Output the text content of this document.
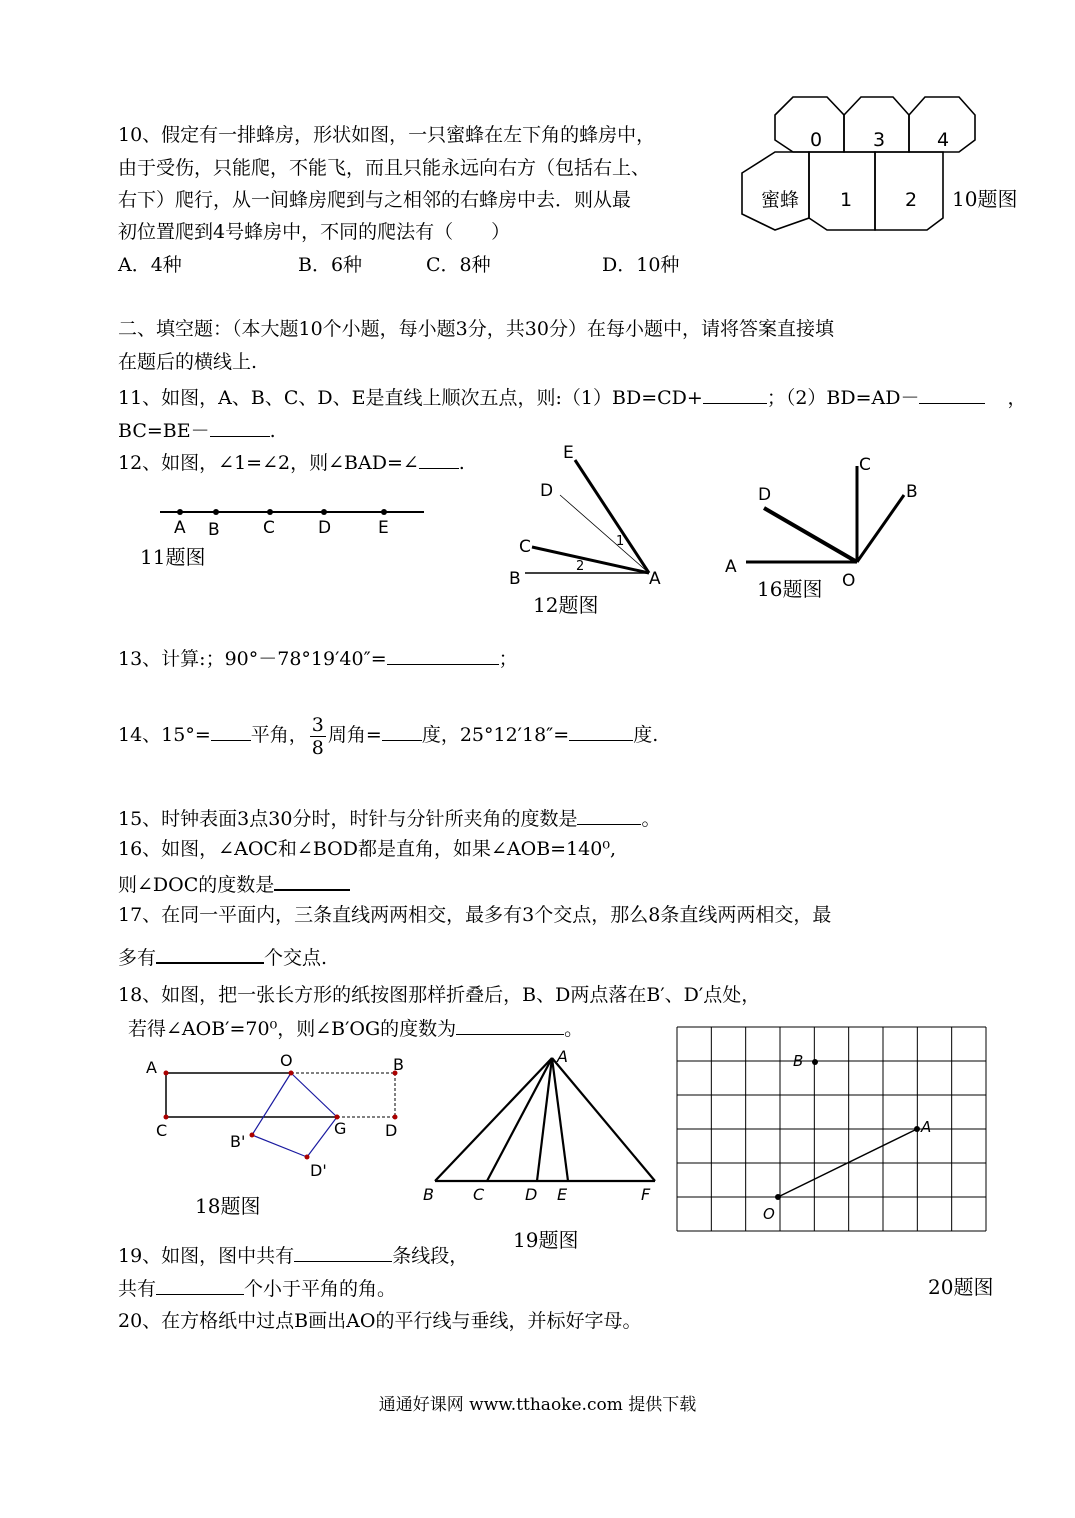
10、假定有一排蜂房，形状如图，一只蜜蜂在左下角的蜂房中，
由于受伤，只能爬，不能飞，而且只能永远向右方（包括右上、
右下）爬行，从一间蜂房爬到与之相邻的右蜂房中去．则从最
初位置爬到4号蜂房中，不同的爬法有（　　）
A．4种	B．6种	C．8种	D．10种
0	3	4
蜜蜂 1	2 10题图
二、填空题：（本大题10个小题，每小题3分，共30分）在每小题中，请将答案直接填
在题后的横线上.
11、如图，A、B、C、D、E是直线上顺次五点，则:（1）BD=CD+	；（2）BD=AD－	，
BC=BE－	.
12、如图，∠1=∠2，则∠BAD=∠ .
A B	C	D	E
11题图
E
D
C
B	A
1
2
12题图
C
D	B
A
O
16题图
13、计算:；90°－78°19′40″=	；
14、15°= 平角， $\frac{3}{8}$ 周角= 度，25°12′18″=	度.
15、时钟表面3点30分时，时针与分针所夹角的度数是	。
16、如图，∠AOC和∠BOD都是直角，如果∠AOB=140⁰,
则∠DOC的度数是
17、在同一平面内，三条直线两两相交，最多有3个交点，那么8条直线两两相交，最
多有	个交点.
18、如图，把一张长方形的纸按图那样折叠后，B、D两点落在B′、D′点处，
若得∠AOB′=70⁰，则∠B′OG的度数为	。
A	O	B
C	G D
B'
D'
18题图
A
B C	D E	F
19题图
B
A
O
19、如图，图中共有	条线段，
共有	个小于平角的角。	20题图
20、在方格纸中过点B画出AO的平行线与垂线，并标好字母。
通通好课网 www.tthaoke.com 提供下载
